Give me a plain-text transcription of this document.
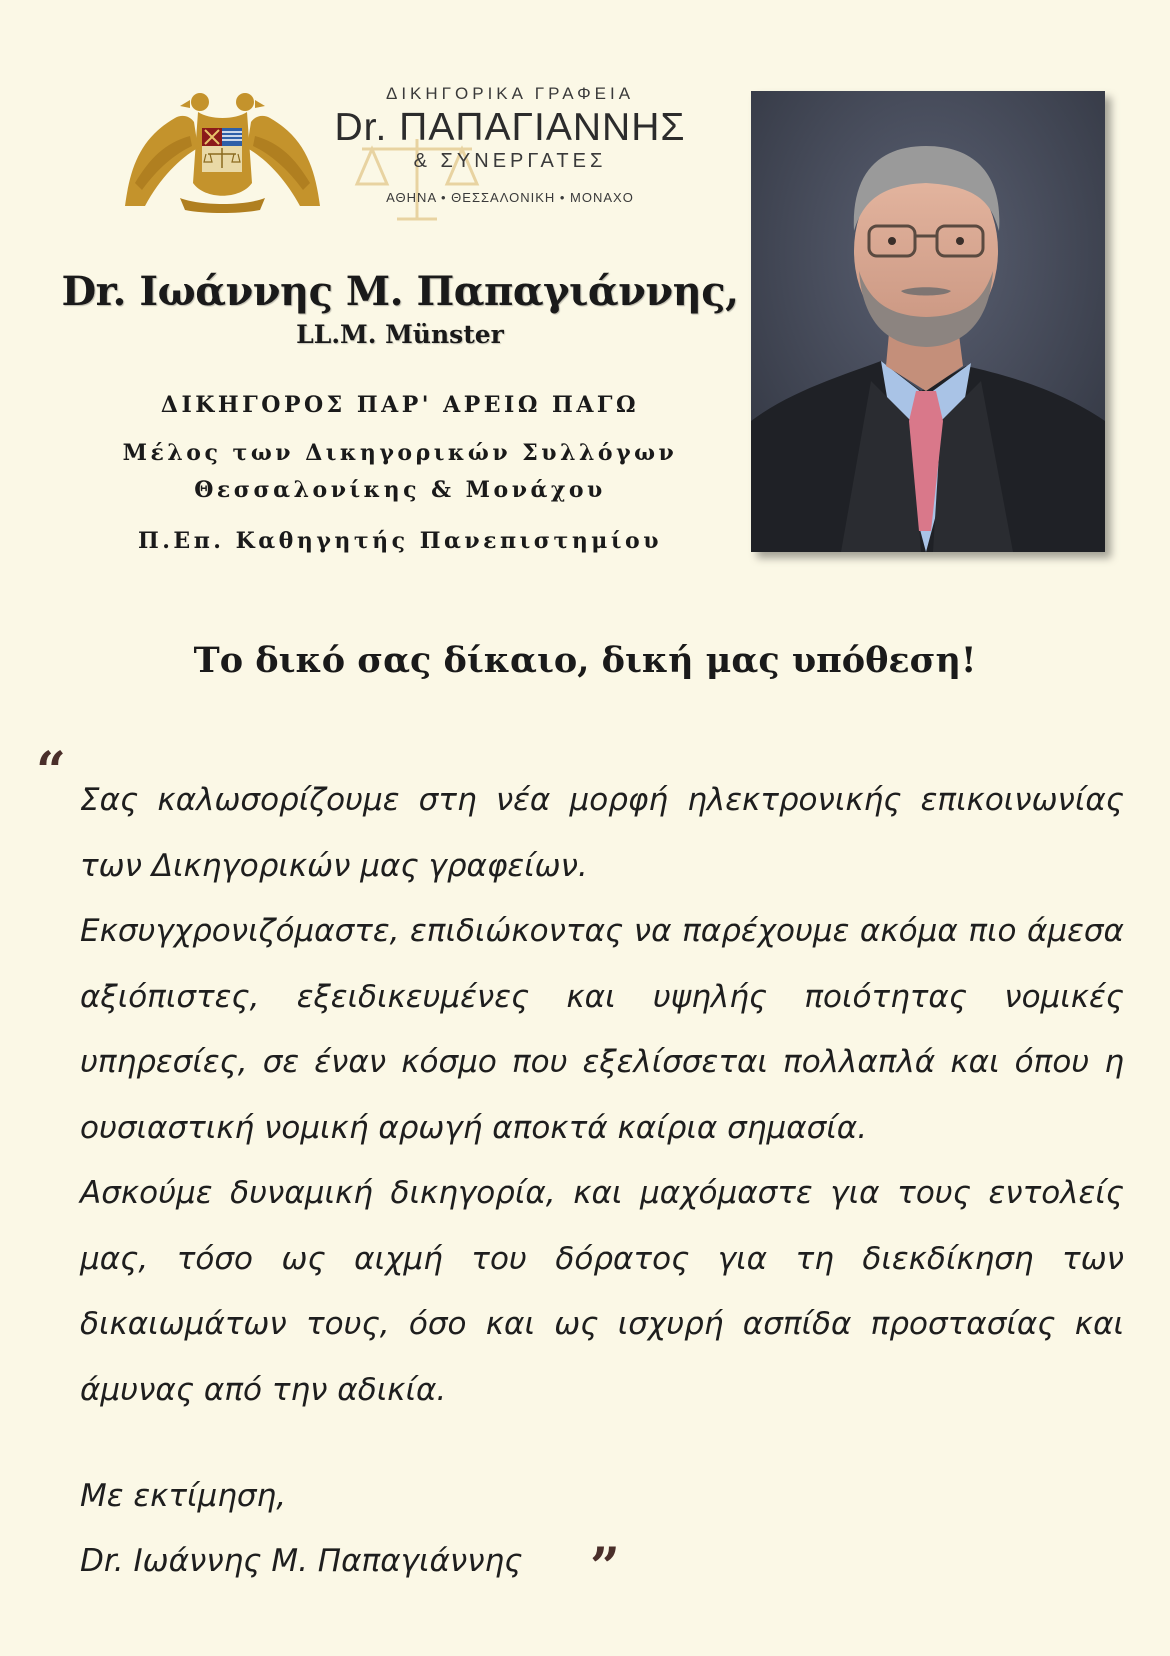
ΔΙΚΗΓΟΡΙΚΑ ΓΡΑΦΕΙΑ
Dr. ΠΑΠΑΓΙΑΝΝΗΣ
& ΣΥΝΕΡΓΑΤΕΣ
ΑΘΗΝΑ • ΘΕΣΣΑΛΟΝΙΚΗ • ΜΟΝΑΧΟ
Dr. Ιωάννης Μ. Παπαγιάννης,
LL.M. Münster
ΔΙΚΗΓΟΡΟΣ ΠΑΡ' ΑΡΕΙΩ ΠΑΓΩ
Μέλος των Δικηγορικών Συλλόγων
Θεσσαλονίκης & Μονάχου
Π.Επ. Καθηγητής Πανεπιστημίου
Το δικό σας δίκαιο, δική μας υπόθεση!
“ Σας καλωσορίζουμε στη νέα μορφή ηλεκτρονικής επικοινωνίας των Δικηγορικών μας γραφείων.

Εκσυγχρονιζόμαστε, επιδιώκοντας να παρέχουμε ακόμα πιο άμεσα αξιόπιστες, εξειδικευμένες και υψηλής ποιότητας νομικές υπηρεσίες, σε έναν κόσμο που εξελίσσεται πολλαπλά και όπου η ουσιαστική νομική αρωγή αποκτά καίρια σημασία.

Ασκούμε δυναμική δικηγορία, και μαχόμαστε για τους εντολείς μας, τόσο ως αιχμή του δόρατος για τη διεκδίκηση των δικαιωμάτων τους, όσο και ως ισχυρή ασπίδα προστασίας και άμυνας από την αδικία.

Με εκτίμηση,
Dr. Ιωάννης Μ. Παπαγιάννης	”
